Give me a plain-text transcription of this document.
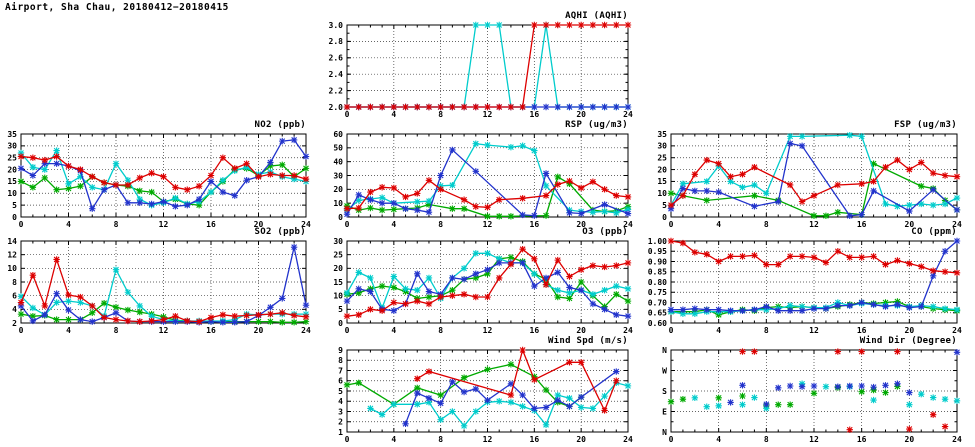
Airport, Sha Chau, 20180412−20180415
AQHI (AQHI)
0	4	8	12	16	20	24
2.0
2.2
2.4
2.6
2.8
3.0
NO2 (ppb)
0	4	8	12	16	20	24
0
5
10
15
20
25
30
35
RSP (ug/m3)
0	4	8	12	16	20	24
0
10
20
30
40
50
60
FSP (ug/m3)
0	4	8	12	16	20	24
0
5
10
15
20
25
30
35
SO2 (ppb)
0	4	8	12	16	20	24
2
4
6
8
10
12
14
O3 (ppb)
0	4	8	12	16	20	24
0
5
10
15
20
25
30
CO (ppm)
0	4	8	12	16	20	24
0.60
0.65
0.70
0.75
0.80
0.85
0.90
0.95
1.00
Wind Spd (m/s)
0	4	8	12	16	20	24
1
2
3
4
5
6
7
8
9
Wind Dir (Degree)
0	4	8	12	16	20	24
N
E
S
W
N
